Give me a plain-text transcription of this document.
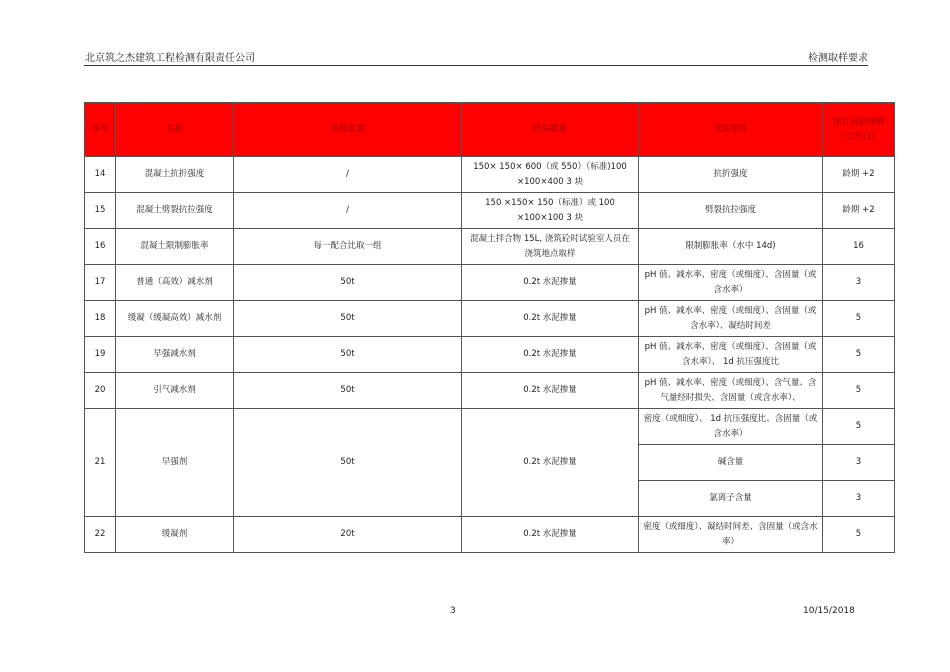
北京筑之杰建筑工程检测有限责任公司	检测取样要求
序号	名称	检验批量	样品数量	试验项目	预计试验周期（工作日）
14	混凝土抗折强度	/	150× 150× 600（或 550）（标准)100 ×100×400 3 块	抗折强度	龄期 +2
15	混凝土劈裂抗拉强度	/	150 ×150× 150（标准）或 100 ×100×100 3 块	劈裂抗拉强度	龄期 +2
16	混凝土限制膨胀率	每一配合比取一组	混凝土拌合物 15L, 浇筑砼时试验室人员在浇筑地点取样	限制膨胀率（水中 14d)	16
17	普通（高效）减水剂	50t	0.2t 水泥掺量	pH 值、减水率、密度（或细度）、含固量（或含水率）	3
18	缓凝（缓凝高效）减水剂	50t	0.2t 水泥掺量	pH 值、减水率、密度（或细度）、含固量（或含水率）、凝结时间差	5
19	早强减水剂	50t	0.2t 水泥掺量	pH 值、减水率、密度（或细度）、含固量（或含水率）、 1d 抗压强度比	5
20	引气减水剂	50t	0.2t 水泥掺量	pH 值、减水率、密度（或细度）、含气量、含气量经时损失、含固量（或含水率）、	5
21	早强剂	50t	0.2t 水泥掺量	密度（或细度）、 1d 抗压强度比、含固量（或含水率）	5
				碱含量	3
				氯离子含量	3
22	缓凝剂	20t	0.2t 水泥掺量	密度（或细度）、凝结时间差、含固量（或含水率）	5
3	10/15/2018
